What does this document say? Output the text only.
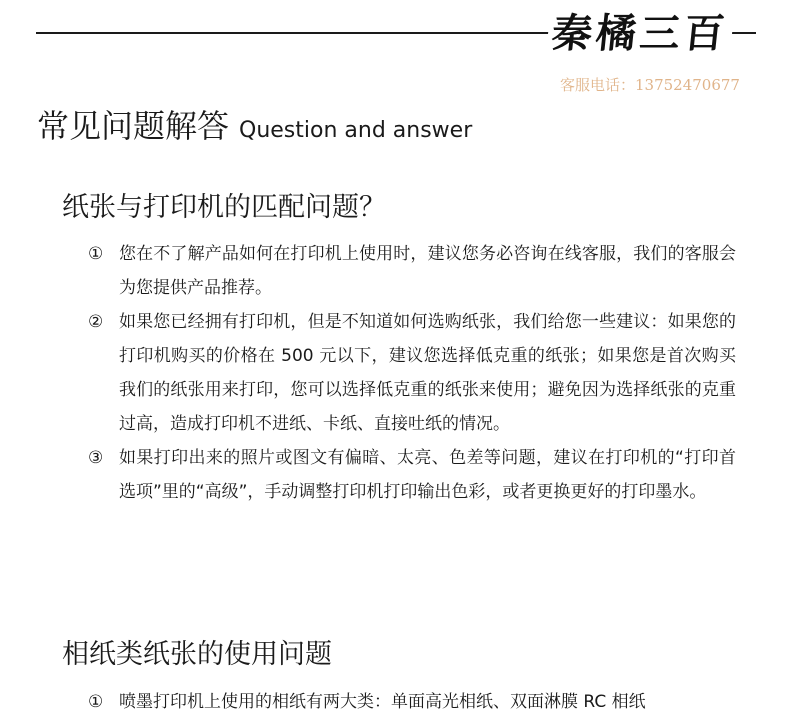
秦橘三百
客服电话：13752470677
常见问题解答 Question and answer
纸张与打印机的匹配问题？
① 您在不了解产品如何在打印机上使用时，建议您务必咨询在线客服，我们的客服会为您提供产品推荐。
② 如果您已经拥有打印机，但是不知道如何选购纸张，我们给您一些建议：如果您的打印机购买的价格在 500 元以下，建议您选择低克重的纸张；如果您是首次购买我们的纸张用来打印，您可以选择低克重的纸张来使用；避免因为选择纸张的克重过高，造成打印机不进纸、卡纸、直接吐纸的情况。
③ 如果打印出来的照片或图文有偏暗、太亮、色差等问题，建议在打印机的“打印首选项”里的“高级”，手动调整打印机打印输出色彩，或者更换更好的打印墨水。
相纸类纸张的使用问题
① 喷墨打印机上使用的相纸有两大类：单面高光相纸、双面淋膜 RC 相纸
